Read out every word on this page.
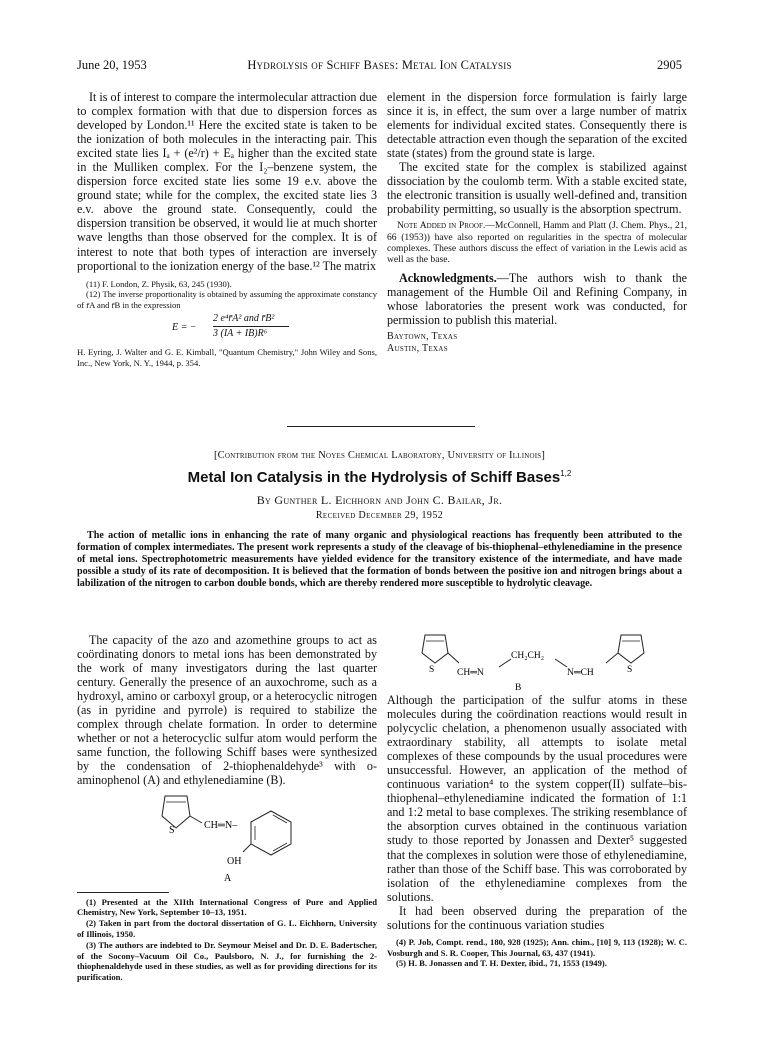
June 20, 1953	Hydrolysis of Schiff Bases: Metal Ion Catalysis	2905

It is of interest to compare the intermolecular attraction due to complex formation with that due to dispersion forces as developed by London.¹¹ Here the excited state is taken to be the ionization of both molecules in the interacting pair. This excited state lies Iₐ + (e²/r) + Eₐ higher than the excited state in the Mulliken complex. For the I₂–benzene system, the dispersion force excited state lies some 19 e.v. above the ground state; while for the complex, the excited state lies 3 e.v. above the ground state. Consequently, could the dispersion transition be observed, it would lie at much shorter wave lengths than those observed for the complex. It is of interest to note that both types of interaction are inversely proportional to the ionization energy of the base.¹² The matrix

(11) F. London, Z. Physik, 63, 245 (1930).

(12) The inverse proportionality is obtained by assuming the approximate constancy of r̄A and r̄B in the expression

E = −
2 e⁴r̄A² and r̄B²
3 (IA + IB)R⁶

H. Eyring, J. Walter and G. E. Kimball, "Quantum Chemistry," John Wiley and Sons, Inc., New York, N. Y., 1944, p. 354.

element in the dispersion force formulation is fairly large since it is, in effect, the sum over a large number of matrix elements for individual excited states. Consequently there is detectable attraction even though the separation of the excited state (states) from the ground state is large.

The excited state for the complex is stabilized against dissociation by the coulomb term. With a stable excited state, the electronic transition is usually well-defined and, transition probability permitting, so usually is the absorption spectrum.

Note Added in Proof.—McConnell, Hamm and Platt (J. Chem. Phys., 21, 66 (1953)) have also reported on regularities in the spectra of molecular complexes. These authors discuss the effect of variation in the Lewis acid as well as the base.

Acknowledgments.—The authors wish to thank the management of the Humble Oil and Refining Company, in whose laboratories the present work was conducted, for permission to publish this material.

Baytown, Texas
Austin, Texas
[Contribution from the Noyes Chemical Laboratory, University of Illinois]
Metal Ion Catalysis in the Hydrolysis of Schiff Bases$^{1,2}$
By Gunther L. Eichhorn and John C. Bailar, Jr.
Received December 29, 1952

The action of metallic ions in enhancing the rate of many organic and physiological reactions has frequently been attributed to the formation of complex intermediates. The present work represents a study of the cleavage of bis-thiophenal–ethylenediamine in the presence of metal ions. Spectrophotometric measurements have yielded evidence for the transitory existence of the intermediate, and have made possible a study of its rate of decomposition. It is believed that the formation of bonds between the positive ion and nitrogen brings about a labilization of the nitrogen to carbon double bonds, which are thereby rendered more susceptible to hydrolytic cleavage.

The capacity of the azo and azomethine groups to act as coördinating donors to metal ions has been demonstrated by the work of many investigators during the last quarter century. Generally the presence of an auxochrome, such as a hydroxyl, amino or carboxyl group, or a heterocyclic nitrogen (as in pyridine and pyrrole) is required to stabilize the complex through chelate formation. In order to determine whether or not a heterocyclic sulfur atom would perform the same function, the following Schiff bases were synthesized by the condensation of 2-thiophenaldehyde³ with o-aminophenol (A) and ethylenediamine (B).

S	CH═N–
OH
A

(1) Presented at the XIIth International Congress of Pure and Applied Chemistry, New York, September 10–13, 1951.

(2) Taken in part from the doctoral dissertation of G. L. Eichhorn, University of Illinois, 1950.

(3) The authors are indebted to Dr. Seymour Meisel and Dr. D. E. Badertscher, of the Socony–Vacuum Oil Co., Paulsboro, N. J., for furnishing the 2-thiophenaldehyde used in these studies, as well as for providing directions for its purification.

S CH═N
CH₂CH₂
N═CH	S
B

Although the participation of the sulfur atoms in these molecules during the coördination reactions would result in polycyclic chelation, a phenomenon usually associated with extraordinary stability, all attempts to isolate metal complexes of these compounds by the usual procedures were unsuccessful. However, an application of the method of continuous variation⁴ to the system copper(II) sulfate–bis-thiophenal–ethylenediamine indicated the formation of 1:1 and 1:2 metal to base complexes. The striking resemblance of the absorption curves obtained in the continuous variation study to those reported by Jonassen and Dexter⁵ suggested that the complexes in solution were those of ethylenediamine, rather than those of the Schiff base. This was corroborated by isolation of the ethylenediamine complexes from the solutions.

It had been observed during the preparation of the solutions for the continuous variation studies

(4) P. Job, Compt. rend., 180, 928 (1925); Ann. chim., [10] 9, 113 (1928); W. C. Vosburgh and S. R. Cooper, This Journal, 63, 437 (1941).

(5) H. B. Jonassen and T. H. Dexter, ibid., 71, 1553 (1949).
